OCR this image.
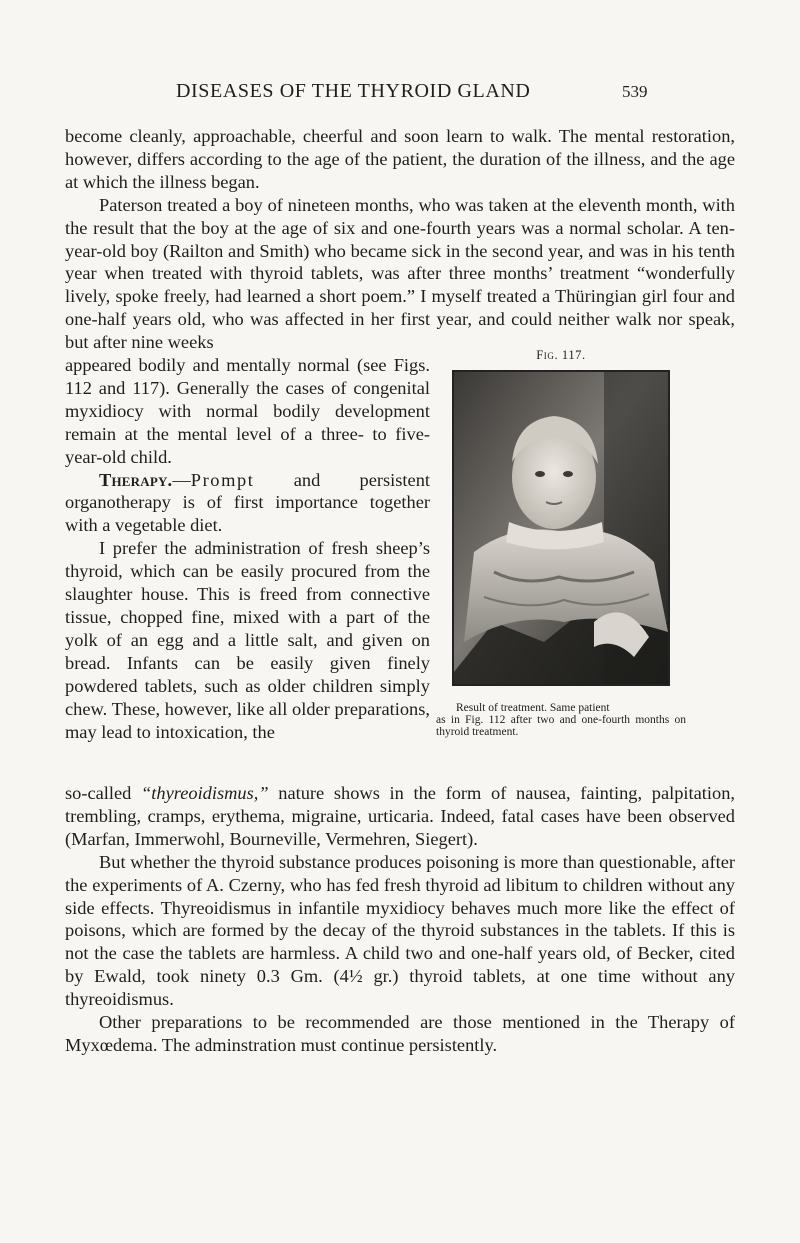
DISEASES OF THE THYROID GLAND	539

become cleanly, approachable, cheerful and soon learn to walk. The mental restoration, however, differs according to the age of the patient, the duration of the illness, and the age at which the illness began.

Paterson treated a boy of nineteen months, who was taken at the eleventh month, with the result that the boy at the age of six and one-fourth years was a normal scholar. A ten-year-old boy (Railton and Smith) who became sick in the second year, and was in his tenth year when treated with thyroid tablets, was after three months’ treatment “wonderfully lively, spoke freely, had learned a short poem.” I myself treated a Thüringian girl four and one-half years old, who was affected in her first year, and could neither walk nor speak, but after nine weeks

appeared bodily and mentally normal (see Figs. 112 and 117). Generally the cases of congenital myxidiocy with normal bodily development remain at the mental level of a three- to five-year-old child.

Therapy.—Prompt and persistent organotherapy is of first importance together with a vegetable diet.

I prefer the administration of fresh sheep’s thyroid, which can be easily procured from the slaughter house. This is freed from connective tissue, chopped fine, mixed with a part of the yolk of an egg and a little salt, and given on bread. Infants can be easily given finely powdered tablets, such as older children simply chew. These, however, like all older preparations, may lead to intoxication, the

Fig. 117.
Result of treatment. Same patient
as in Fig. 112 after two and one-fourth months on thyroid treatment.

so-called “thyreoidismus,” nature shows in the form of nausea, fainting, palpitation, trembling, cramps, erythema, migraine, urticaria. Indeed, fatal cases have been observed (Marfan, Immerwohl, Bourneville, Vermehren, Siegert).

But whether the thyroid substance produces poisoning is more than questionable, after the experiments of A. Czerny, who has fed fresh thyroid ad libitum to children without any side effects. Thyreoidismus in infantile myxidiocy behaves much more like the effect of poisons, which are formed by the decay of the thyroid substances in the tablets. If this is not the case the tablets are harmless. A child two and one-half years old, of Becker, cited by Ewald, took ninety 0.3 Gm. (4½ gr.) thyroid tablets, at one time without any thyreoidismus.

Other preparations to be recommended are those mentioned in the Therapy of Myxœdema. The adminstration must continue persistently.
